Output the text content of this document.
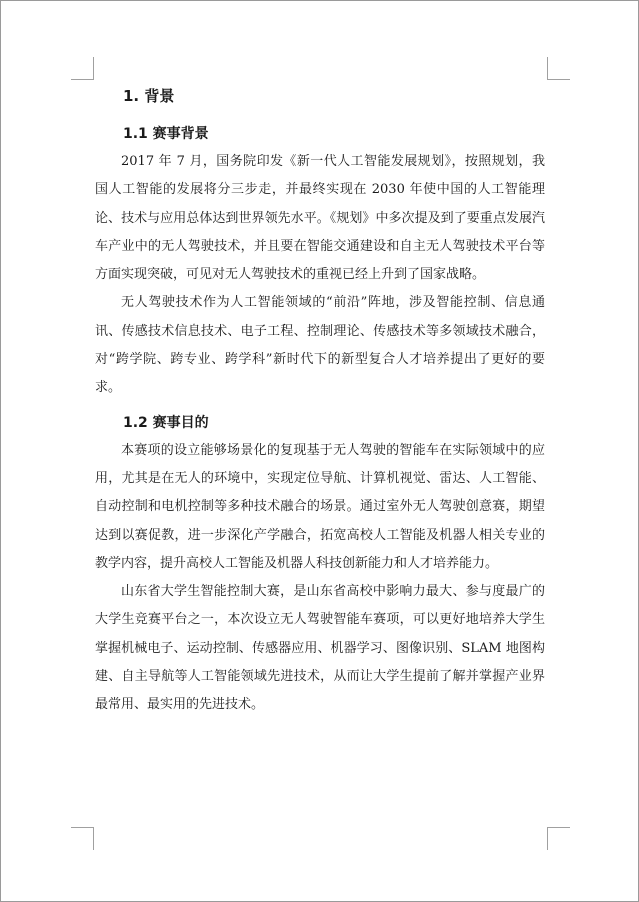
1. 背景
1.1 赛事背景

2017 年 7 月，国务院印发《新一代人工智能发展规划》，按照规划，我国人工智能的发展将分三步走，并最终实现在 2030 年使中国的人工智能理论、技术与应用总体达到世界领先水平。《规划》中多次提及到了要重点发展汽车产业中的无人驾驶技术，并且要在智能交通建设和自主无人驾驶技术平台等方面实现突破，可见对无人驾驶技术的重视已经上升到了国家战略。

无人驾驶技术作为人工智能领域的“前沿”阵地，涉及智能控制、信息通讯、传感技术信息技术、电子工程、控制理论、传感技术等多领域技术融合，对“跨学院、跨专业、跨学科”新时代下的新型复合人才培养提出了更好的要求。

1.2 赛事目的

本赛项的设立能够场景化的复现基于无人驾驶的智能车在实际领域中的应用，尤其是在无人的环境中，实现定位导航、计算机视觉、雷达、人工智能、自动控制和电机控制等多种技术融合的场景。通过室外无人驾驶创意赛，期望达到以赛促教，进一步深化产学融合，拓宽高校人工智能及机器人相关专业的教学内容，提升高校人工智能及机器人科技创新能力和人才培养能力。

山东省大学生智能控制大赛，是山东省高校中影响力最大、参与度最广的大学生竞赛平台之一，本次设立无人驾驶智能车赛项，可以更好地培养大学生掌握机械电子、运动控制、传感器应用、机器学习、图像识别、SLAM 地图构建、自主导航等人工智能领域先进技术，从而让大学生提前了解并掌握产业界最常用、最实用的先进技术。
